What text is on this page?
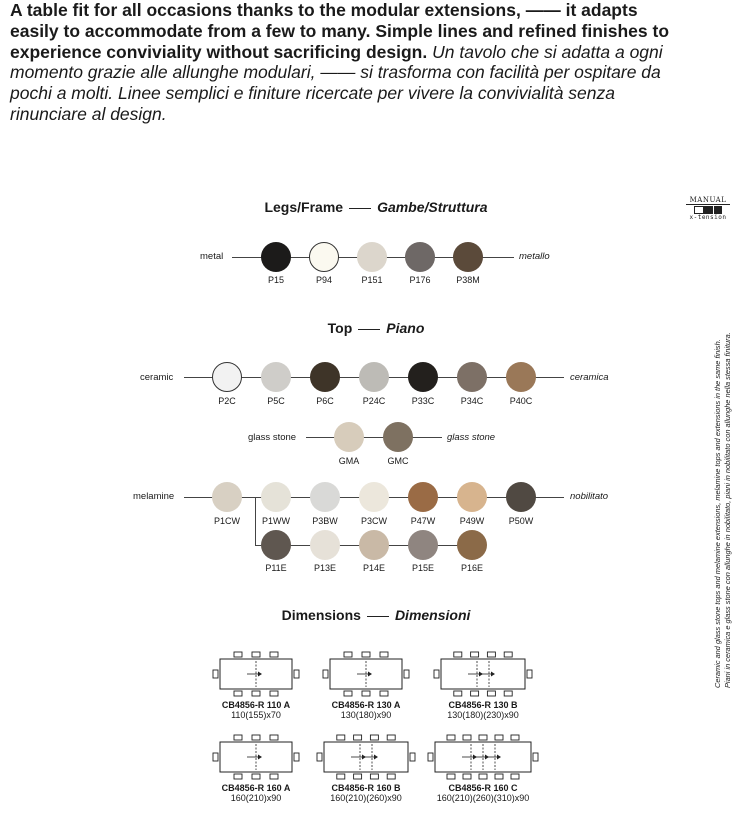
A table fit for all occasions thanks to the modular extensions, —— it adapts easily to accommodate from a few to many. Simple lines and refined finishes to experience conviviality without sacrificing design. Un tavolo che si adatta a ogni momento grazie alle allunghe modulari, —— si trasforma con facilità per ospitare da pochi a molti. Linee semplici e finiture ricercate per vivere la convivialità senza rinunciare al design.
MANUAL
x-tension
Ceramic and glass stone tops and melamine extensions, melamine tops and extensions in the same finish. Piani in ceramica e glass stone con allunghe in nobilitato, piani in nobilitato con allunghe nella stessa finitura.
Legs/Frame Gambe/Struttura
metal	metallo
P15	P94	P151	P176	P38M
Top Piano
ceramic	ceramica
P2C	P5C	P6C	P24C	P33C	P34C	P40C
glass stone	glass stone
GMA	GMC
melamine	nobilitato
P1CW	P1WW	P3BW	P3CW	P47W	P49W	P50W
P11E	P13E	P14E	P15E	P16E
Dimensions Dimensioni
CB4856-R 110 A
110(155)x70
CB4856-R 130 A
130(180)x90
CB4856-R 130 B
130(180)(230)x90
CB4856-R 160 A
160(210)x90
CB4856-R 160 B
160(210)(260)x90
CB4856-R 160 C
160(210)(260)(310)x90
